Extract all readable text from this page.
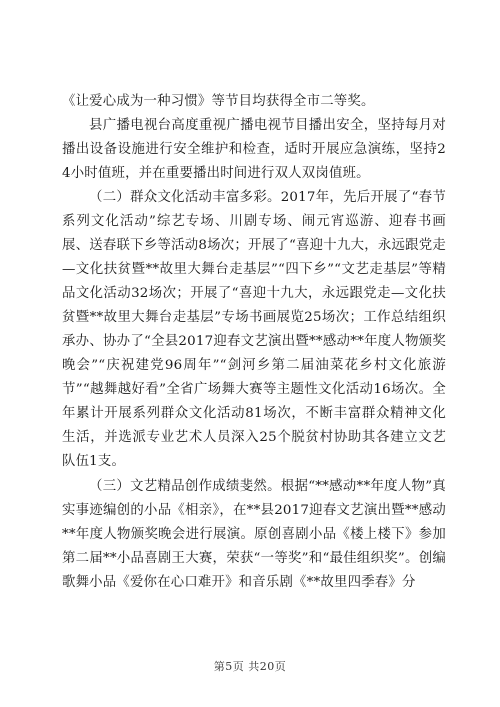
《让爱心成为一种习惯》等节目均获得全市二等奖。

县广播电视台高度重视广播电视节目播出安全，坚持每月对播出设备设施进行安全维护和检查，适时开展应急演练，坚持24小时值班，并在重要播出时间进行双人双岗值班。

（二）群众文化活动丰富多彩。2017年，先后开展了“春节系列文化活动”综艺专场、川剧专场、闹元宵巡游、迎春书画展、送春联下乡等活动8场次；开展了“喜迎十九大，永远跟党走—文化扶贫暨**故里大舞台走基层”“四下乡”“文艺走基层”等精品文化活动32场次；开展了“喜迎十九大，永远跟党走—文化扶贫暨**故里大舞台走基层”专场书画展览25场次；工作总结组织承办、协办了“全县2017迎春文艺演出暨**感动**年度人物颁奖晚会”“庆祝建党96周年”“剑河乡第二届油菜花乡村文化旅游节”“越舞越好看”全省广场舞大赛等主题性文化活动16场次。全年累计开展系列群众文化活动81场次，不断丰富群众精神文化生活，并选派专业艺术人员深入25个脱贫村协助其各建立文艺队伍1支。

（三）文艺精品创作成绩斐然。根据“**感动**年度人物”真实事迹编创的小品《相亲》，在**县2017迎春文艺演出暨**感动**年度人物颁奖晚会进行展演。原创喜剧小品《楼上楼下》参加第二届**小品喜剧王大赛，荣获“一等奖”和“最佳组织奖”。创编歌舞小品《爱你在心口难开》和音乐剧《**故里四季春》分

第5页 共20页
